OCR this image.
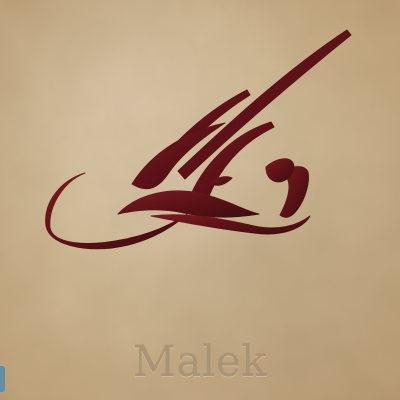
Malek
